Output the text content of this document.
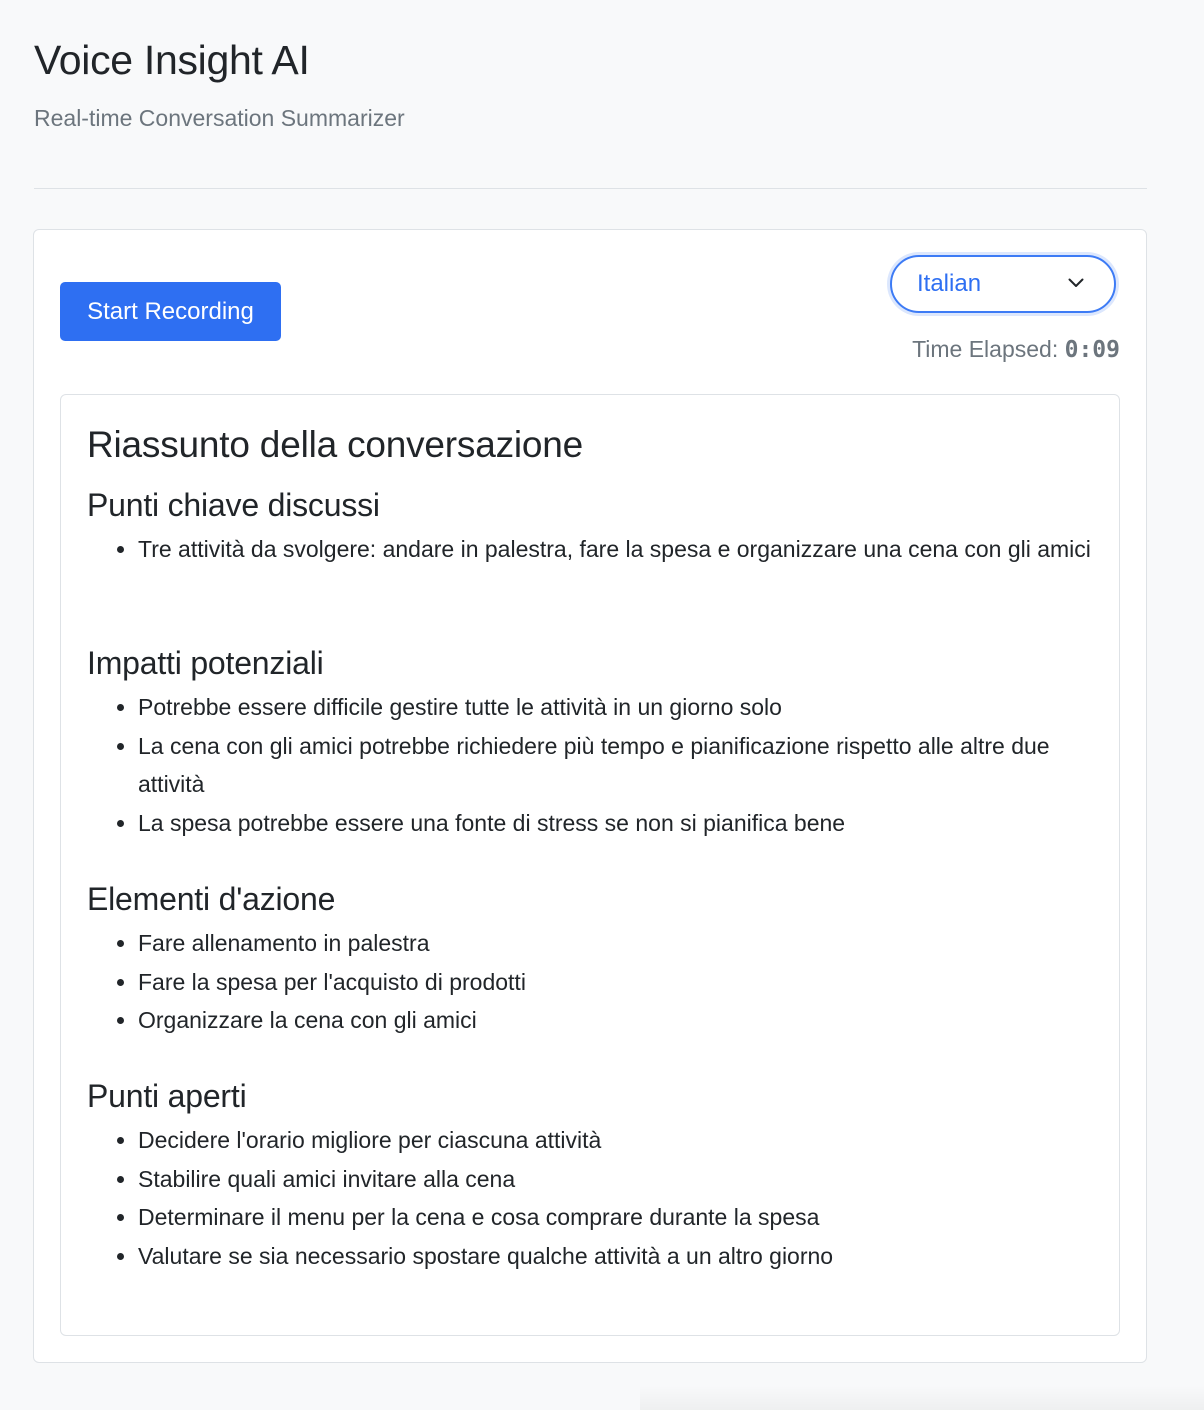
Voice Insight AI

Real-time Conversation Summarizer

Start Recording
Italian
Time Elapsed: 0:09
Riassunto della conversazione
Punti chiave discussi
• Tre attività da svolgere: andare in palestra, fare la spesa e organizzare una cena con gli amici
Impatti potenziali
• Potrebbe essere difficile gestire tutte le attività in un giorno solo
• La cena con gli amici potrebbe richiedere più tempo e pianificazione rispetto alle altre due attività
• La spesa potrebbe essere una fonte di stress se non si pianifica bene
Elementi d'azione
• Fare allenamento in palestra
• Fare la spesa per l'acquisto di prodotti
• Organizzare la cena con gli amici
Punti aperti
• Decidere l'orario migliore per ciascuna attività
• Stabilire quali amici invitare alla cena
• Determinare il menu per la cena e cosa comprare durante la spesa
• Valutare se sia necessario spostare qualche attività a un altro giorno
